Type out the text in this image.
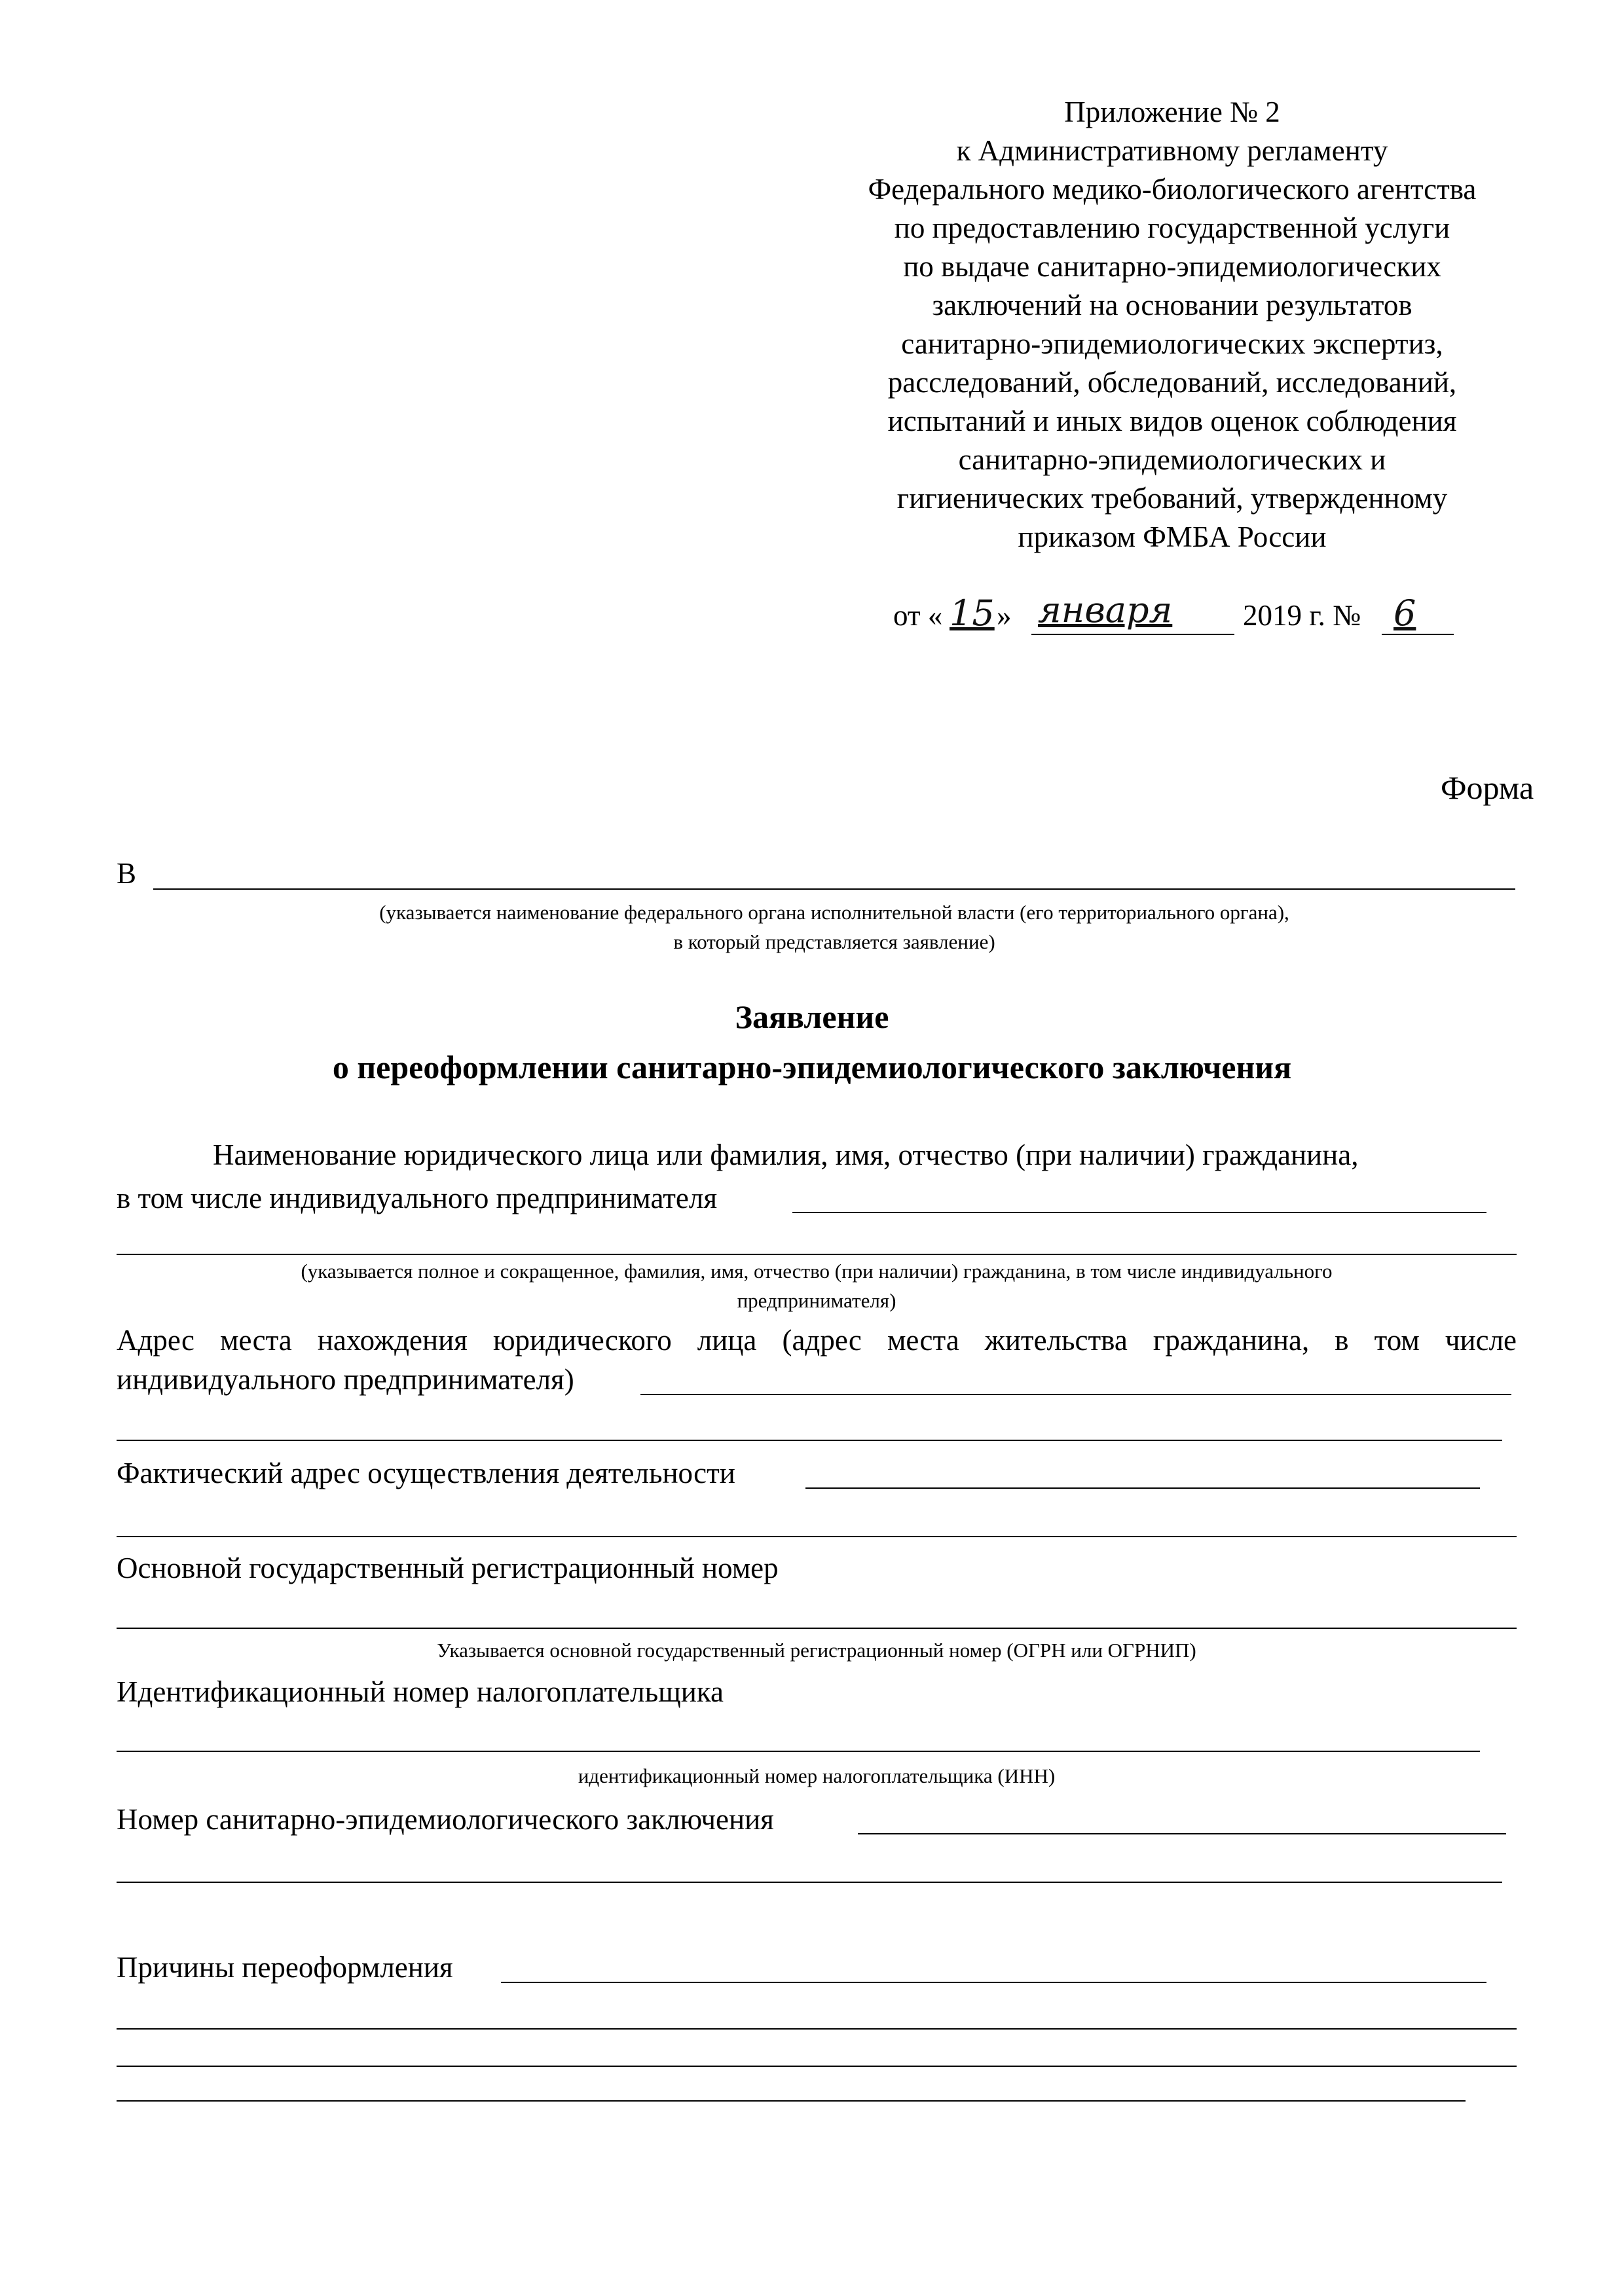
Приложение № 2
к Административному регламенту
Федерального медико-биологического агентства
по предоставлению государственной услуги
по выдаче санитарно-эпидемиологических
заключений на основании результатов
санитарно-эпидемиологических экспертиз,
расследований, обследований, исследований,
испытаний и иных видов оценок соблюдения
санитарно-эпидемиологических и
гигиенических требований, утвержденному
приказом ФМБА России
от « 15 » января 2019 г. № 6
Форма
В
(указывается наименование федерального органа исполнительной власти (его территориального органа),
в который представляется заявление)
Заявление
о переоформлении санитарно-эпидемиологического заключения
Наименование юридического лица или фамилия, имя, отчество (при наличии) гражданина,
в том числе индивидуального предпринимателя
(указывается полное и сокращенное, фамилия, имя, отчество (при наличии) гражданина, в том числе индивидуального
предпринимателя)
Адрес места нахождения юридического лица (адрес места жительства гражданина, в том числе
индивидуального предпринимателя)
Фактический адрес осуществления деятельности
Основной государственный регистрационный номер
Указывается основной государственный регистрационный номер (ОГРН или ОГРНИП)
Идентификационный номер налогоплательщика
идентификационный номер налогоплательщика (ИНН)
Номер санитарно-эпидемиологического заключения
Причины переоформления
